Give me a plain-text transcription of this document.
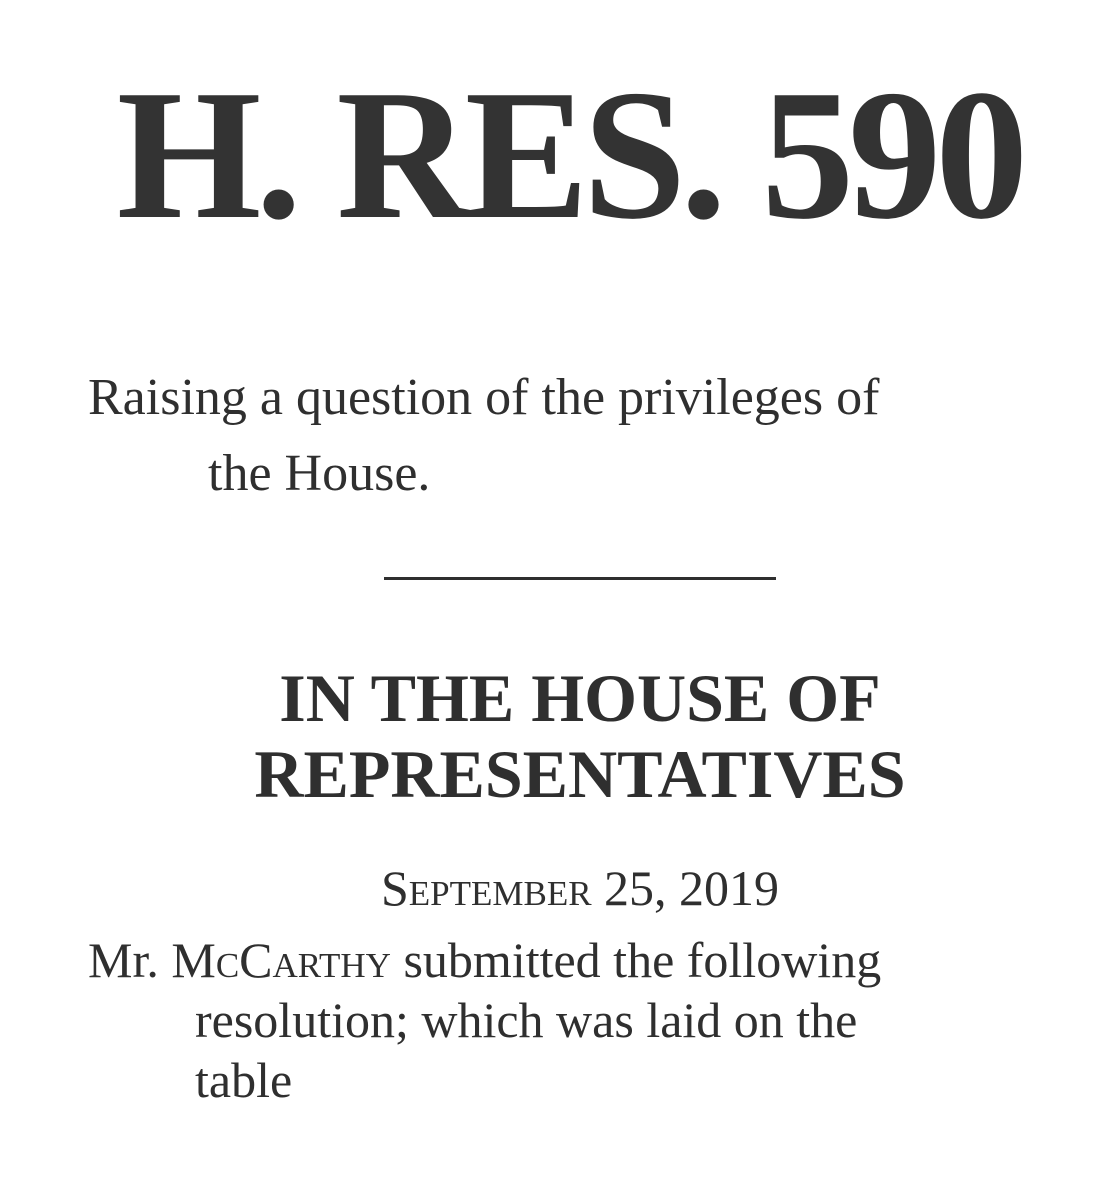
H. RES. 590

Raising a question of the privileges of
the House.

IN THE HOUSE OF
REPRESENTATIVES

September 25, 2019

Mr. McCarthy submitted the following
resolution; which was laid on the
table
